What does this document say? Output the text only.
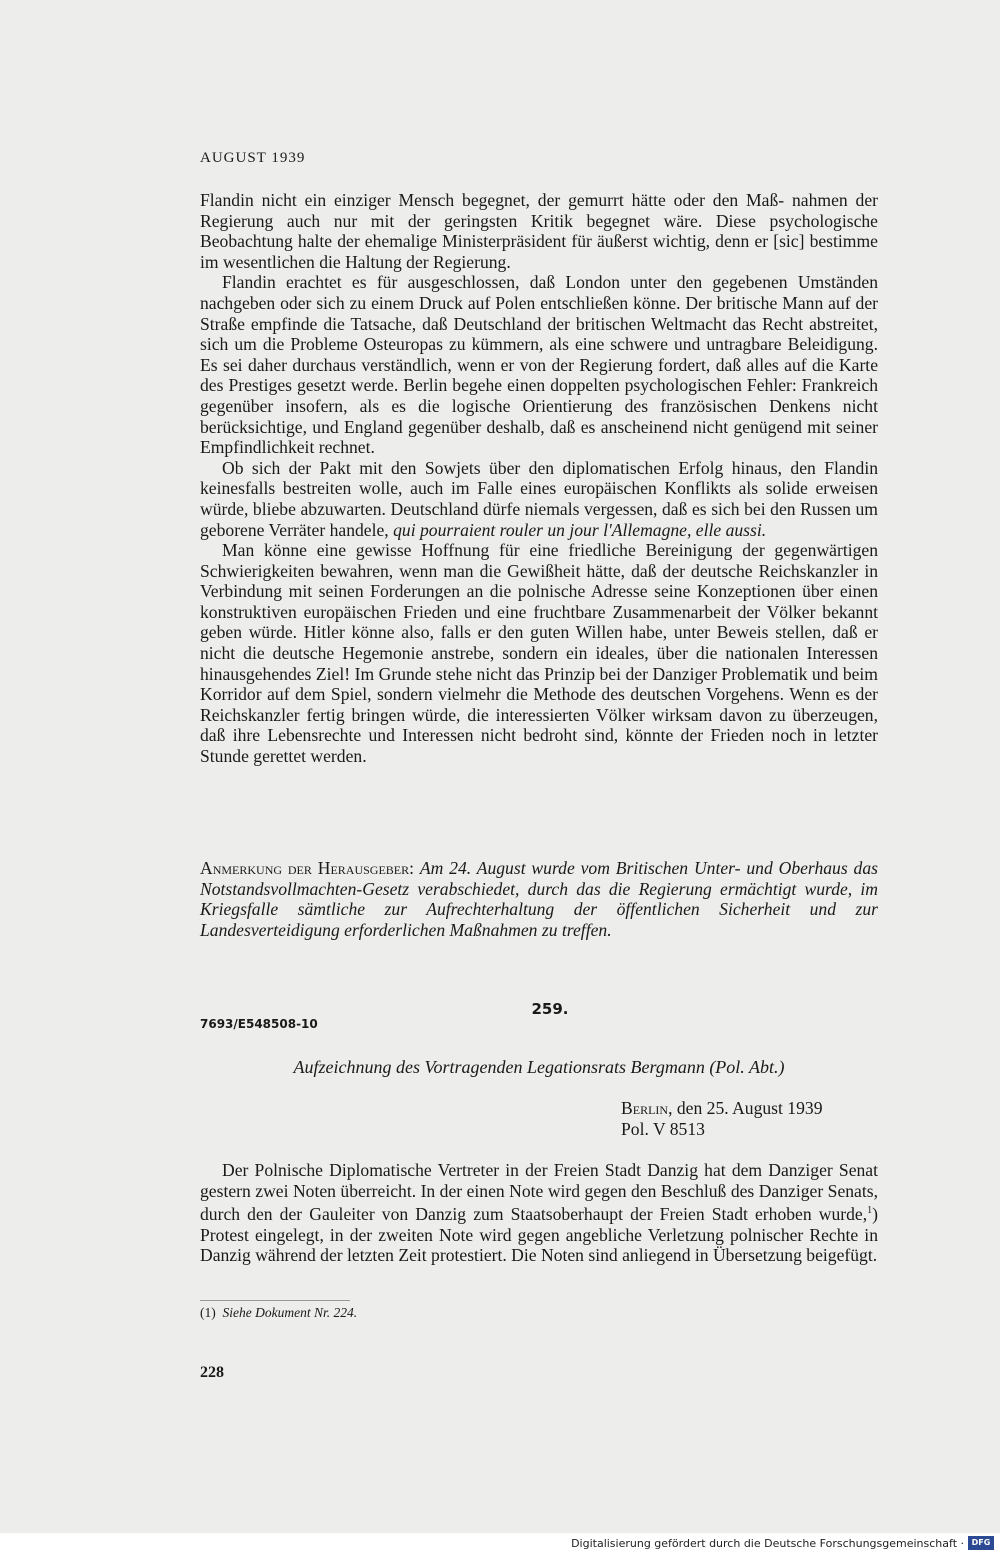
AUGUST 1939

Flandin nicht ein einziger Mensch begegnet, der gemurrt hätte oder den Maß- nahmen der Regierung auch nur mit der geringsten Kritik begegnet wäre. Diese psychologische Beobachtung halte der ehemalige Ministerpräsident für äußerst wichtig, denn er [sic] bestimme im wesentlichen die Haltung der Regierung.

Flandin erachtet es für ausgeschlossen, daß London unter den gegebenen Umständen nachgeben oder sich zu einem Druck auf Polen entschließen könne. Der britische Mann auf der Straße empfinde die Tatsache, daß Deutschland der britischen Weltmacht das Recht abstreitet, sich um die Probleme Osteuropas zu kümmern, als eine schwere und untragbare Beleidigung. Es sei daher durchaus verständlich, wenn er von der Regierung fordert, daß alles auf die Karte des Prestiges gesetzt werde. Berlin begehe einen doppelten psychologischen Fehler: Frankreich gegenüber insofern, als es die logische Orientierung des französischen Denkens nicht berücksichtige, und England gegenüber deshalb, daß es anscheinend nicht genügend mit seiner Empfindlichkeit rechnet.

Ob sich der Pakt mit den Sowjets über den diplomatischen Erfolg hinaus, den Flandin keinesfalls bestreiten wolle, auch im Falle eines europäischen Konflikts als solide erweisen würde, bliebe abzuwarten. Deutschland dürfe niemals vergessen, daß es sich bei den Russen um geborene Verräter handele, qui pourraient rouler un jour l'Allemagne, elle aussi.

Man könne eine gewisse Hoffnung für eine friedliche Bereinigung der gegenwärtigen Schwierigkeiten bewahren, wenn man die Gewißheit hätte, daß der deutsche Reichskanzler in Verbindung mit seinen Forderungen an die polnische Adresse seine Konzeptionen über einen konstruktiven europäischen Frieden und eine fruchtbare Zusammenarbeit der Völker bekannt geben würde. Hitler könne also, falls er den guten Willen habe, unter Beweis stellen, daß er nicht die deutsche Hegemonie anstrebe, sondern ein ideales, über die nationalen Interessen hinausgehendes Ziel! Im Grunde stehe nicht das Prinzip bei der Danziger Problematik und beim Korridor auf dem Spiel, sondern vielmehr die Methode des deutschen Vorgehens. Wenn es der Reichskanzler fertig bringen würde, die interessierten Völker wirksam davon zu überzeugen, daß ihre Lebensrechte und Interessen nicht bedroht sind, könnte der Frieden noch in letzter Stunde gerettet werden.

Anmerkung der Herausgeber: Am 24. August wurde vom Britischen Unter- und Oberhaus das Notstandsvollmachten-Gesetz verabschiedet, durch das die Regierung ermächtigt wurde, im Kriegsfalle sämtliche zur Aufrechterhaltung der öffentlichen Sicherheit und zur Landesverteidigung erforderlichen Maßnahmen zu treffen.
259.
7693/E548508-10
Aufzeichnung des Vortragenden Legationsrats Bergmann (Pol. Abt.)
Berlin, den 25. August 1939
Pol. V 8513

Der Polnische Diplomatische Vertreter in der Freien Stadt Danzig hat dem Danziger Senat gestern zwei Noten überreicht. In der einen Note wird gegen den Beschluß des Danziger Senats, durch den der Gauleiter von Danzig zum Staatsoberhaupt der Freien Stadt erhoben wurde,$^1$) Protest eingelegt, in der zweiten Note wird gegen angebliche Verletzung polnischer Rechte in Danzig während der letzten Zeit protestiert. Die Noten sind anliegend in Übersetzung beigefügt.

(1) Siehe Dokument Nr. 224.
228
Digitalisierung gefördert durch die Deutsche Forschungsgemeinschaft · DFG
